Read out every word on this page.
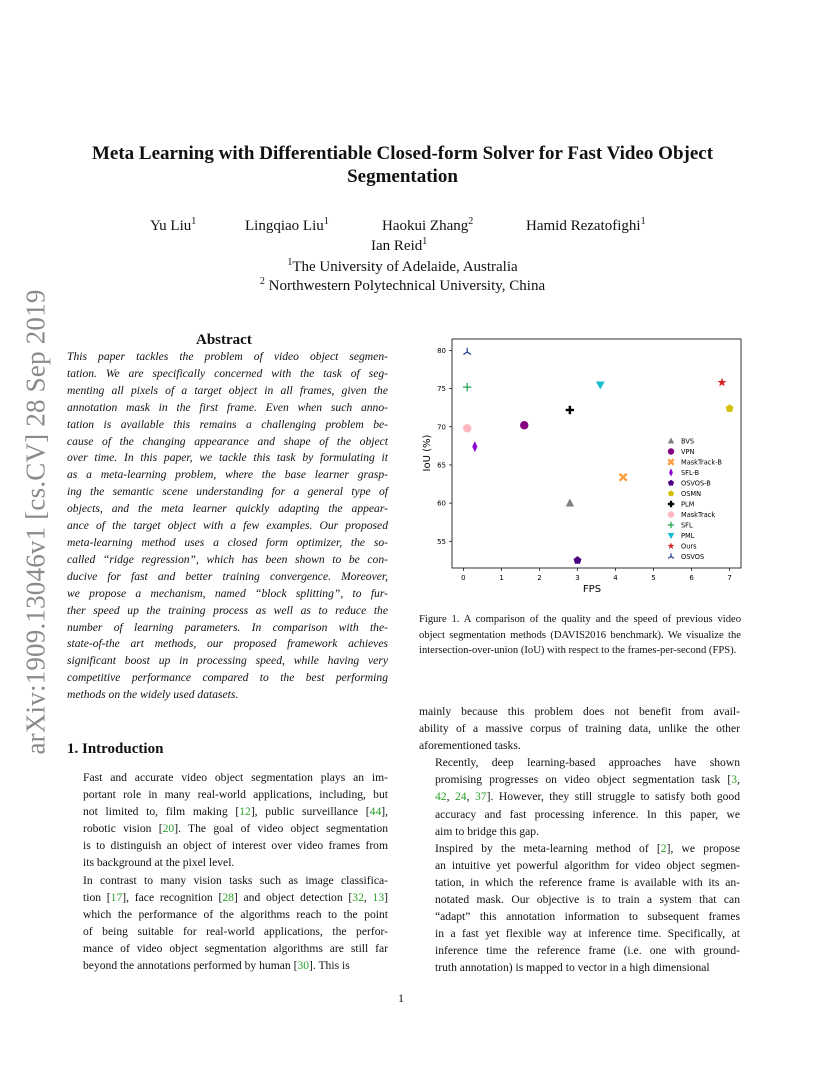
arXiv:1909.13046v1 [cs.CV] 28 Sep 2019
Meta Learning with Differentiable Closed-form Solver for Fast Video Object
Segmentation
Yu Liu$^1$	Lingqiao Liu$^1$	Haokui Zhang$^2$	Hamid Rezatofighi$^1$
Ian Reid$^1$
$^1$The University of Adelaide, Australia
$^2$ Northwestern Polytechnical University, China
Abstract
This paper tackles the problem of video object segmen-
tation. We are specifically concerned with the task of seg-
menting all pixels of a target object in all frames, given the
annotation mask in the first frame. Even when such anno-
tation is available this remains a challenging problem be-
cause of the changing appearance and shape of the object
over time. In this paper, we tackle this task by formulating it
as a meta-learning problem, where the base learner grasp-
ing the semantic scene understanding for a general type of
objects, and the meta learner quickly adapting the appear-
ance of the target object with a few examples. Our proposed
meta-learning method uses a closed form optimizer, the so-
called “ridge regression”, which has been shown to be con-
ducive for fast and better training convergence. Moreover,
we propose a mechanism, named “block splitting”, to fur-
ther speed up the training process as well as to reduce the
number of learning parameters. In comparison with the-
state-of-the art methods, our proposed framework achieves
significant boost up in processing speed, while having very
competitive performance compared to the best performing
methods on the widely used datasets.
1. Introduction

Fast and accurate video object segmentation plays an im-
portant role in many real-world applications, including, but
not limited to, film making [12], public surveillance [44],
robotic vision [20]. The goal of video object segmentation
is to distinguish an object of interest over video frames from
its background at the pixel level.

In contrast to many vision tasks such as image classifica-
tion [17], face recognition [28] and object detection [32, 13]
which the performance of the algorithms reach to the point
of being suitable for real-world applications, the perfor-
mance of video object segmentation algorithms are still far
beyond the annotations performed by human [30]. This is

mainly because this problem does not benefit from avail-
ability of a massive corpus of training data, unlike the other
aforementioned tasks.

Recently, deep learning-based approaches have shown
promising progresses on video object segmentation task [3,
42, 24, 37]. However, they still struggle to satisfy both good
accuracy and fast processing inference. In this paper, we
aim to bridge this gap.

Inspired by the meta-learning method of [2], we propose
an intuitive yet powerful algorithm for video object segmen-
tation, in which the reference frame is available with its an-
notated mask. Our objective is to train a system that can
“adapt” this annotation information to subsequent frames
in a fast yet flexible way at inference time. Specifically, at
inference time the reference frame (i.e. one with ground-
truth annotation) is mapped to vector in a high dimensional

0	1	2	3	4	5	6	7
55
60
65
70
75
80
FPS
IoU (%)	BVS
VPN
MaskTrack-B
SFL-B
OSVOS-B
OSMN
PLM
MaskTrack
SFL
PML
Ours
OSVOS
Figure 1. A comparison of the quality and the speed of previous video object segmentation methods (DAVIS2016 benchmark). We visualize the intersection-over-union (IoU) with respect to the frames-per-second (FPS).
1
